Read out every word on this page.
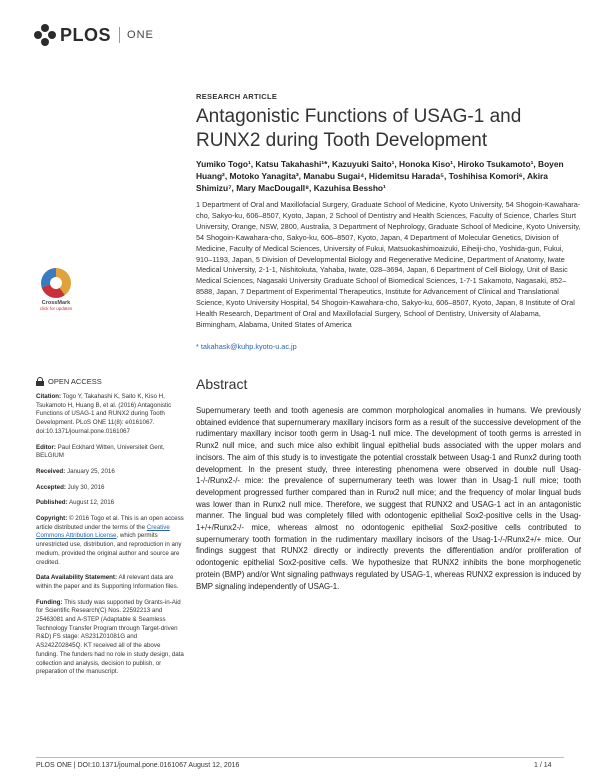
PLOS ONE
RESEARCH ARTICLE
Antagonistic Functions of USAG-1 and RUNX2 during Tooth Development
Yumiko Togo¹, Katsu Takahashi¹*, Kazuyuki Saito¹, Honoka Kiso¹, Hiroko Tsukamoto¹, Boyen Huang², Motoko Yanagita³, Manabu Sugai⁴, Hidemitsu Harada⁵, Toshihisa Komori⁶, Akira Shimizu⁷, Mary MacDougall⁸, Kazuhisa Bessho¹
1 Department of Oral and Maxillofacial Surgery, Graduate School of Medicine, Kyoto University, 54 Shogoin-Kawahara-cho, Sakyo-ku, 606–8507, Kyoto, Japan, 2 School of Dentistry and Health Sciences, Faculty of Science, Charles Sturt University, Orange, NSW, 2800, Australia, 3 Department of Nephrology, Graduate School of Medicine, Kyoto University, 54 Shogoin-Kawahara-cho, Sakyo-ku, 606–8507, Kyoto, Japan, 4 Department of Molecular Genetics, Division of Medicine, Faculty of Medical Sciences, University of Fukui, Matsuokashimoaizuki, Eiheiji-cho, Yoshida-gun, Fukui, 910–1193, Japan, 5 Division of Developmental Biology and Regenerative Medicine, Department of Anatomy, Iwate Medical University, 2-1-1, Nishitokuta, Yahaba, Iwate, 028–3694, Japan, 6 Department of Cell Biology, Unit of Basic Medical Sciences, Nagasaki University Graduate School of Biomedical Sciences, 1-7-1 Sakamoto, Nagasaki, 852–8588, Japan, 7 Department of Experimental Therapeutics, Institute for Advancement of Clinical and Translational Science, Kyoto University Hospital, 54 Shogoin-Kawahara-cho, Sakyo-ku, 606–8507, Kyoto, Japan, 8 Institute of Oral Health Research, Department of Oral and Maxillofacial Surgery, School of Dentistry, University of Alabama, Birmingham, Alabama, United States of America
* takahask@kuhp.kyoto-u.ac.jp
CrossMark
click for updates
OPEN ACCESS

Citation: Togo Y, Takahashi K, Saito K, Kiso H, Tsukamoto H, Huang B, et al. (2016) Antagonistic Functions of USAG-1 and RUNX2 during Tooth Development. PLoS ONE 11(8): e0161067. doi:10.1371/journal.pone.0161067

Editor: Paul Eckhard Witten, Universiteit Gent, BELGIUM

Received: January 25, 2016

Accepted: July 30, 2016

Published: August 12, 2016

Copyright: © 2016 Togo et al. This is an open access article distributed under the terms of the Creative Commons Attribution License, which permits unrestricted use, distribution, and reproduction in any medium, provided the original author and source are credited.

Data Availability Statement: All relevant data are within the paper and its Supporting Information files.

Funding: This study was supported by Grants-in-Aid for Scientific Research(C) Nos. 22592213 and 25463081 and A-STEP (Adaptable & Seamless Technology Transfer Program through Target-driven R&D) FS stage: AS231Z01081G and AS242Z02845Q. KT received all of the above funding. The funders had no role in study design, data collection and analysis, decision to publish, or preparation of the manuscript.

Abstract

Supernumerary teeth and tooth agenesis are common morphological anomalies in humans. We previously obtained evidence that supernumerary maxillary incisors form as a result of the successive development of the rudimentary maxillary incisor tooth germ in Usag-1 null mice. The development of tooth germs is arrested in Runx2 null mice, and such mice also exhibit lingual epithelial buds associated with the upper molars and incisors. The aim of this study is to investigate the potential crosstalk between Usag-1 and Runx2 during tooth development. In the present study, three interesting phenomena were observed in double null Usag-1-/-/Runx2-/- mice: the prevalence of supernumerary teeth was lower than in Usag-1 null mice; tooth development progressed further compared than in Runx2 null mice; and the frequency of molar lingual buds was lower than in Runx2 null mice. Therefore, we suggest that RUNX2 and USAG-1 act in an antagonistic manner. The lingual bud was completely filled with odontogenic epithelial Sox2-positive cells in the Usag-1+/+/Runx2-/- mice, whereas almost no odontogenic epithelial Sox2-positive cells contributed to supernumerary tooth formation in the rudimentary maxillary incisors of the Usag-1-/-/Runx2+/+ mice. Our findings suggest that RUNX2 directly or indirectly prevents the differentiation and/or proliferation of odontogenic epithelial Sox2-positive cells. We hypothesize that RUNX2 inhibits the bone morphogenetic protein (BMP) and/or Wnt signaling pathways regulated by USAG-1, whereas RUNX2 expression is induced by BMP signaling independently of USAG-1.

PLOS ONE | DOI:10.1371/journal.pone.0161067 August 12, 2016	1 / 14
